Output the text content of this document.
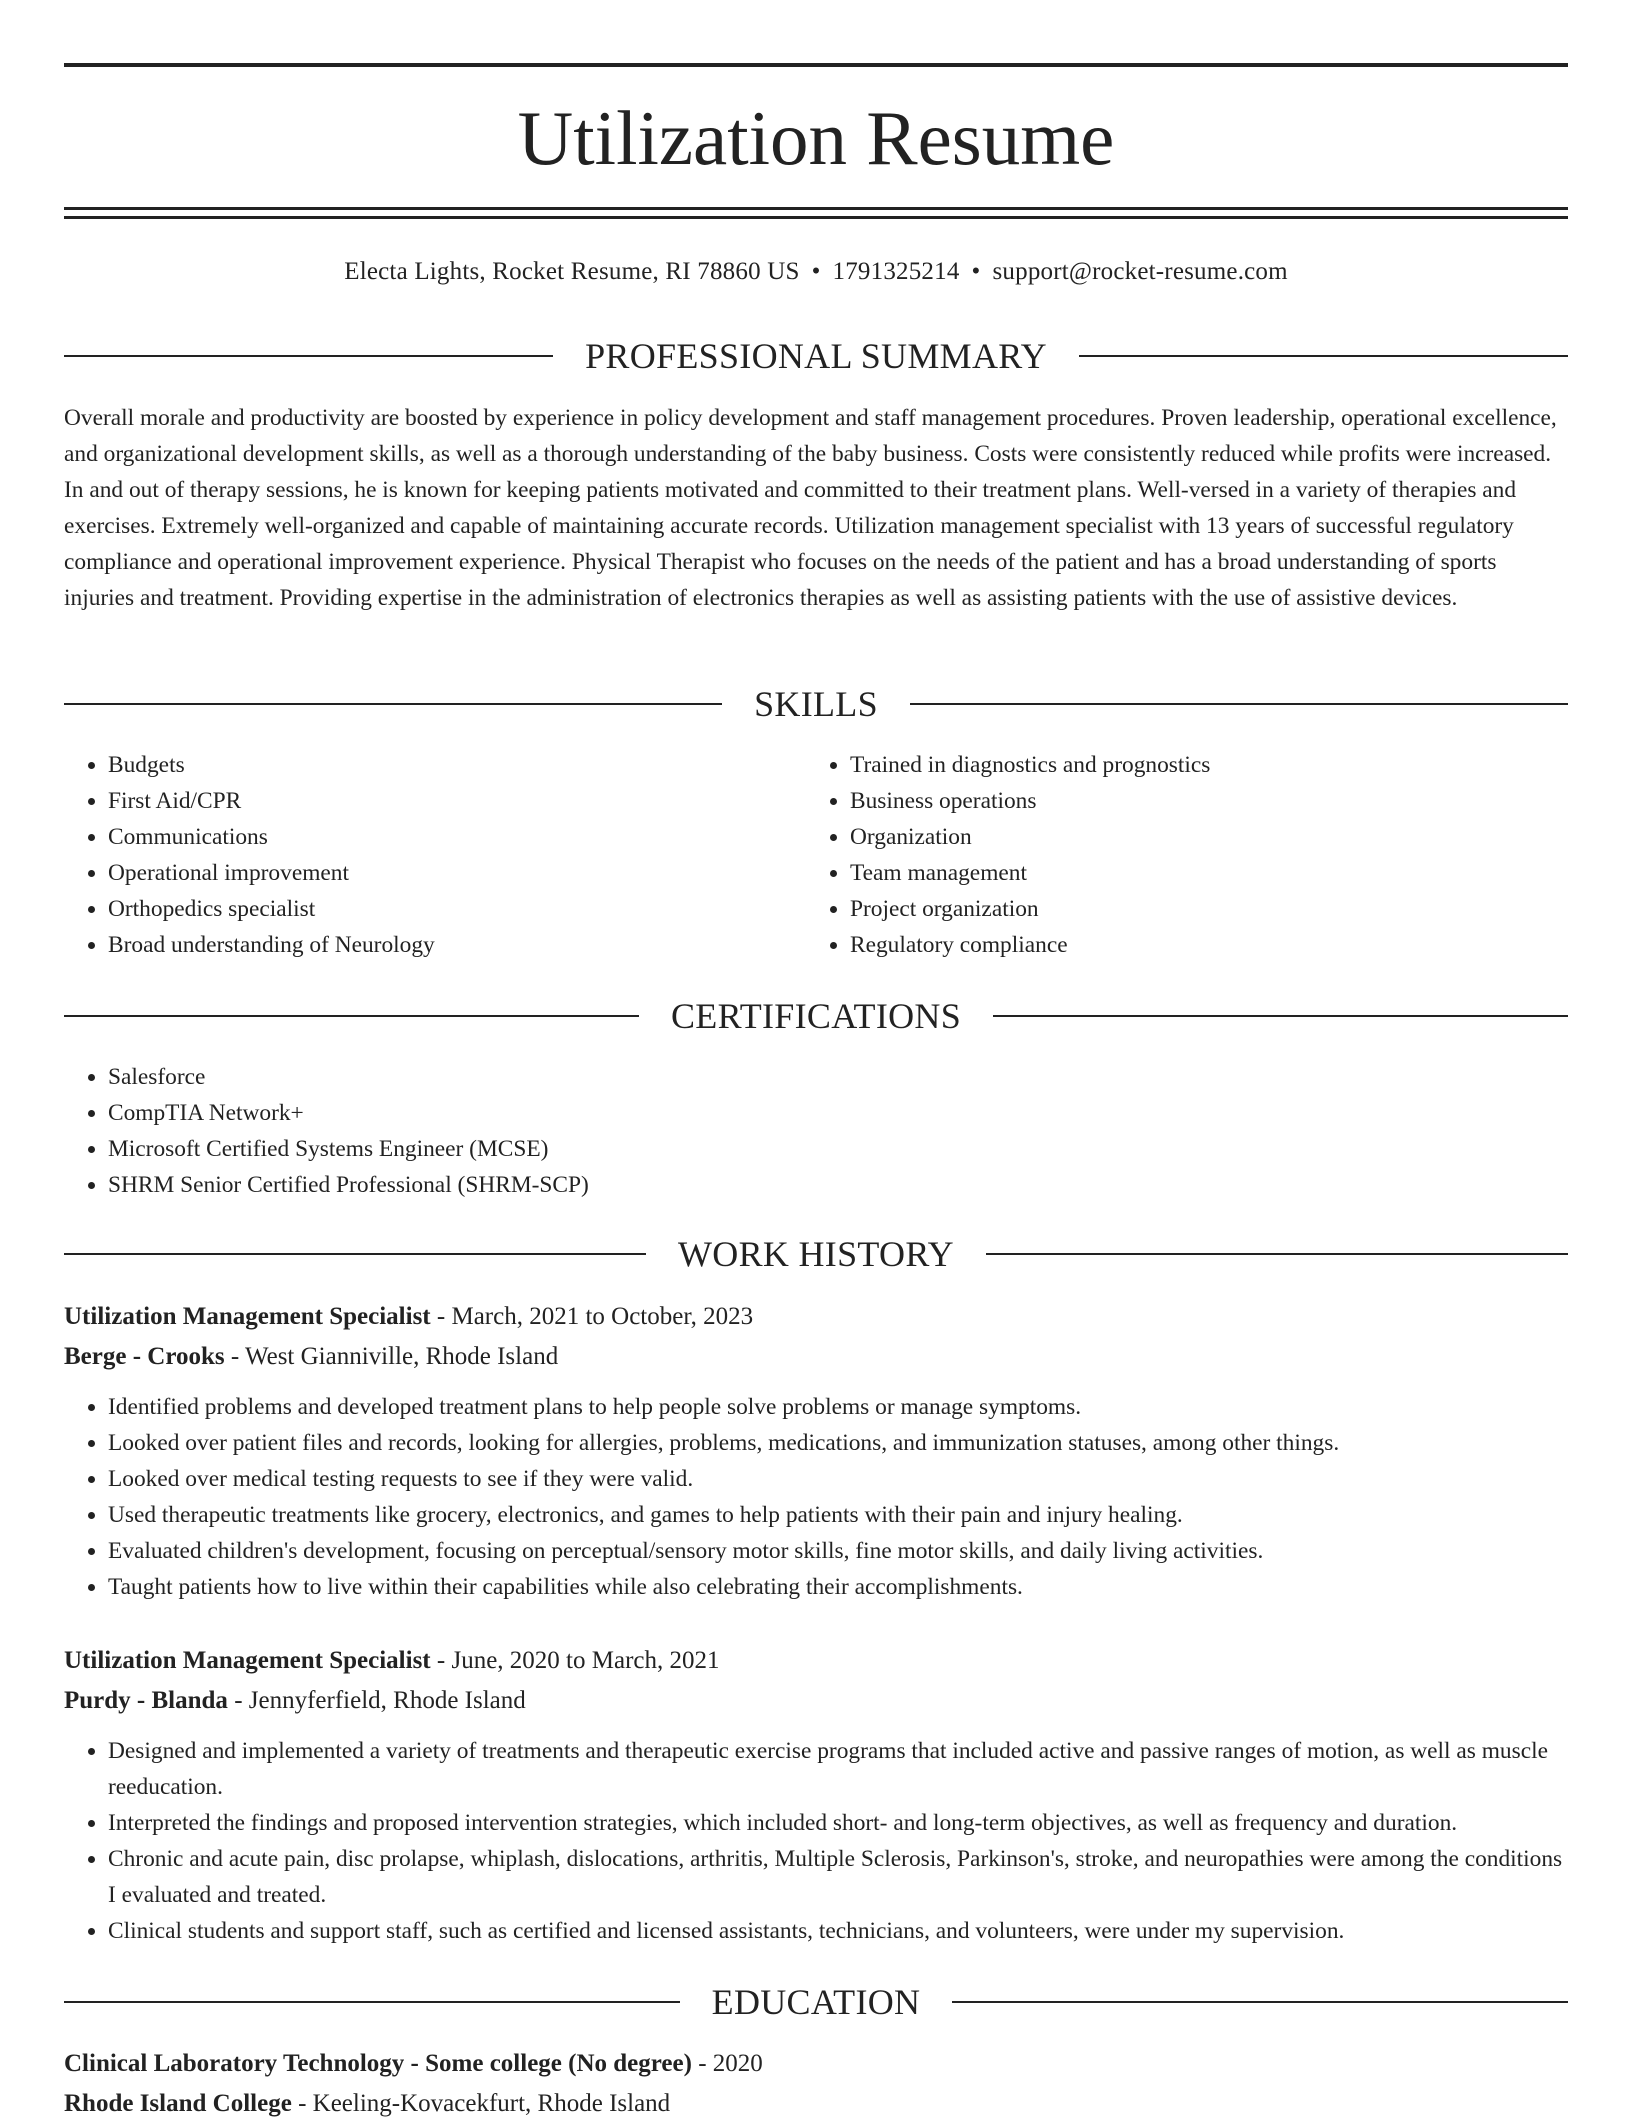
Utilization Resume
Electa Lights, Rocket Resume, RI 78860 US • 1791325214 • support@rocket-resume.com
PROFESSIONAL SUMMARY

Overall morale and productivity are boosted by experience in policy development and staff management procedures. Proven leadership, operational excellence, and organizational development skills, as well as a thorough understanding of the baby business. Costs were consistently reduced while profits were increased. In and out of therapy sessions, he is known for keeping patients motivated and committed to their treatment plans. Well-versed in a variety of therapies and exercises. Extremely well-organized and capable of maintaining accurate records. Utilization management specialist with 13 years of successful regulatory compliance and operational improvement experience. Physical Therapist who focuses on the needs of the patient and has a broad understanding of sports injuries and treatment. Providing expertise in the administration of electronics therapies as well as assisting patients with the use of assistive devices.

SKILLS
• Budgets
• First Aid/CPR
• Communications
• Operational improvement
• Orthopedics specialist
• Broad understanding of Neurology
• Trained in diagnostics and prognostics
• Business operations
• Organization
• Team management
• Project organization
• Regulatory compliance
CERTIFICATIONS
• Salesforce
• CompTIA Network+
• Microsoft Certified Systems Engineer (MCSE)
• SHRM Senior Certified Professional (SHRM-SCP)
WORK HISTORY

Utilization Management Specialist - March, 2021 to October, 2023

Berge - Crooks - West Gianniville, Rhode Island

• Identified problems and developed treatment plans to help people solve problems or manage symptoms.
• Looked over patient files and records, looking for allergies, problems, medications, and immunization statuses, among other things.
• Looked over medical testing requests to see if they were valid.
• Used therapeutic treatments like grocery, electronics, and games to help patients with their pain and injury healing.
• Evaluated children's development, focusing on perceptual/sensory motor skills, fine motor skills, and daily living activities.
• Taught patients how to live within their capabilities while also celebrating their accomplishments.

Utilization Management Specialist - June, 2020 to March, 2021

Purdy - Blanda - Jennyferfield, Rhode Island

• Designed and implemented a variety of treatments and therapeutic exercise programs that included active and passive ranges of motion, as well as muscle reeducation.
• Interpreted the findings and proposed intervention strategies, which included short- and long-term objectives, as well as frequency and duration.
• Chronic and acute pain, disc prolapse, whiplash, dislocations, arthritis, Multiple Sclerosis, Parkinson's, stroke, and neuropathies were among the conditions I evaluated and treated.
• Clinical students and support staff, such as certified and licensed assistants, technicians, and volunteers, were under my supervision.
EDUCATION

Clinical Laboratory Technology - Some college (No degree) - 2020

Rhode Island College - Keeling-Kovacekfurt, Rhode Island
